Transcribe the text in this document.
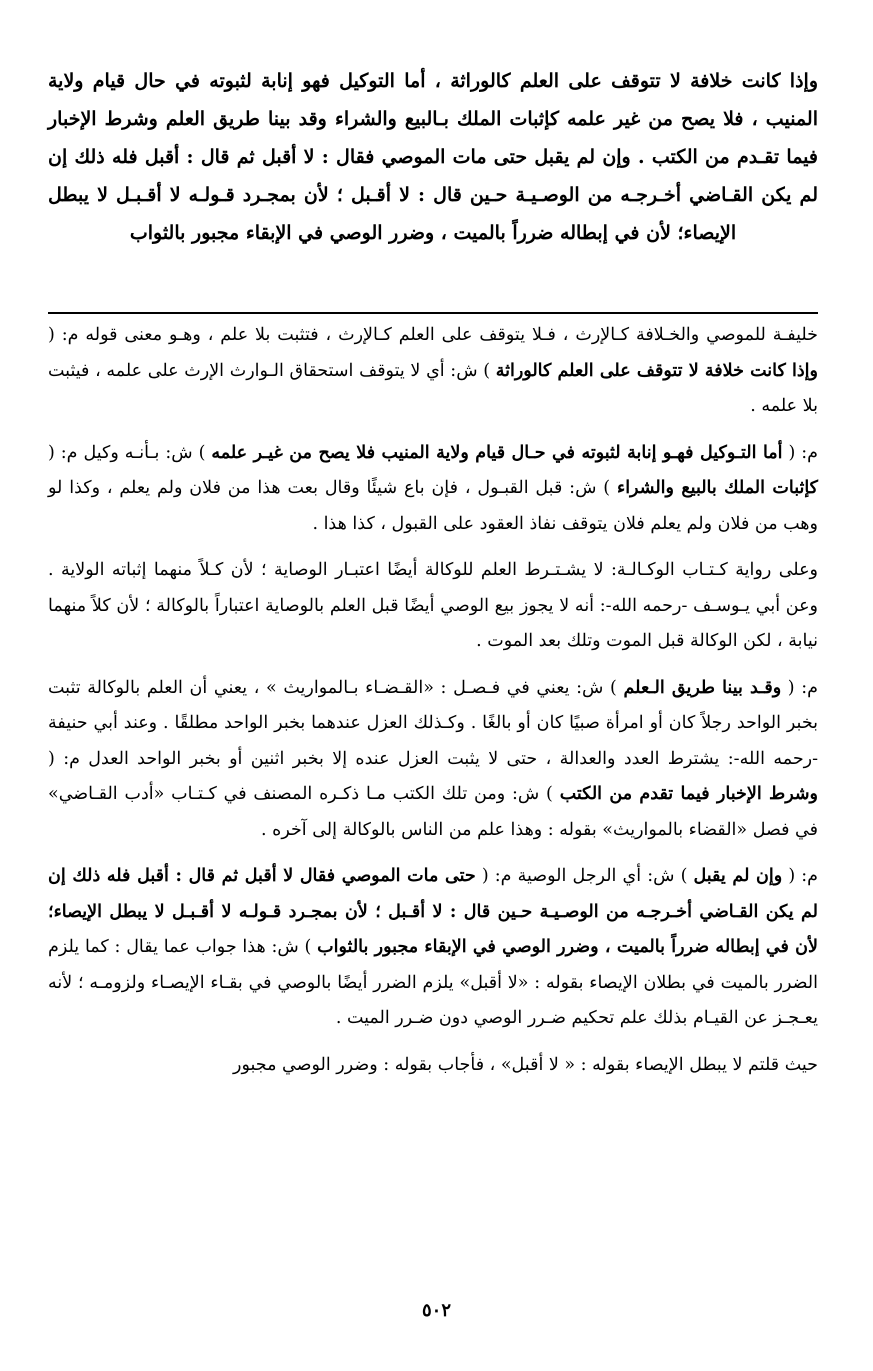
وإذا كانت خلافة لا تتوقف على العلم كالوراثة ، أما التوكيل فهو إنابة لثبوته في حال قيام ولاية المنيب ، فلا يصح من غير علمه كإثبات الملك بـالبيع والشراء وقد بينا طريق العلم وشرط الإخبار فيما تقـدم من الكتب . وإن لم يقبل حتى مات الموصي فقال : لا أقبل ثم قال : أقبل فله ذلك إن لم يكن القـاضي أخـرجـه من الوصـيـة حـين قال : لا أقـبل ؛ لأن بمجـرد قـولـه لا أقـبـل لا يبطل الإيصاء؛ لأن في إبطاله ضرراً بالميت ، وضرر الوصي في الإبقاء مجبور بالثواب

خليفـة للموصي والخـلافة كـالإرث ، فـلا يتوقف على العلم كـالإرث ، فتثبت بلا علم ، وهـو معنى قوله م: ( وإذا كانت خلافة لا تتوقف على العلم كالوراثة ) ش: أي لا يتوقف استحقاق الـوارث الإرث على علمه ، فيثبت بلا علمه .

م: ( أما التـوكيل فهـو إنابة لثبوته في حـال قيام ولاية المنيب فلا يصح من غيـر علمه ) ش: بـأنـه وكيل م: ( كإثبات الملك بالبيع والشراء ) ش: قبل القبـول ، فإن باع شيئًا وقال بعت هذا من فلان ولم يعلم ، وكذا لو وهب من فلان ولم يعلم فلان يتوقف نفاذ العقود على القبول ، كذا هذا .

وعلى رواية كـتـاب الوكـالـة: لا يشـتـرط العلم للوكالة أيضًا اعتبـار الوصاية ؛ لأن كـلاً منهما إثباته الولاية . وعن أبي يـوسـف -رحمه الله-: أنه لا يجوز بيع الوصي أيضًا قبل العلم بالوصاية اعتباراً بالوكالة ؛ لأن كلاً منهما نيابة ، لكن الوكالة قبل الموت وتلك بعد الموت .

م: ( وقـد بينا طريق الـعلم ) ش: يعني في فـصـل : «القـضـاء بـالمواريث » ، يعني أن العلم بالوكالة تثبت بخبر الواحد رجلاً كان أو امرأة صبيًا كان أو بالغًا . وكـذلك العزل عندهما بخبر الواحد مطلقًا . وعند أبي حنيفة -رحمه الله-: يشترط العدد والعدالة ، حتى لا يثبت العزل عنده إلا بخبر اثنين أو بخبر الواحد العدل م: ( وشرط الإخبار فيما تقدم من الكتب ) ش: ومن تلك الكتب مـا ذكـره المصنف في كـتـاب «أدب القـاضي» في فصل «القضاء بالمواريث» بقوله : وهذا علم من الناس بالوكالة إلى آخره .

م: ( وإن لم يقبل ) ش: أي الرجل الوصية م: ( حتى مات الموصي فقال لا أقبل ثم قال : أقبل فله ذلك إن لم يكن القـاضي أخـرجـه من الوصـيـة حـين قال : لا أقـبل ؛ لأن بمجـرد قـولـه لا أقـبـل لا يبطل الإيصاء؛ لأن في إبطاله ضرراً بالميت ، وضرر الوصي في الإبقاء مجبور بالثواب ) ش: هذا جواب عما يقال : كما يلزم الضرر بالميت في بطلان الإيصاء بقوله : «لا أقبل» يلزم الضرر أيضًا بالوصي في بقـاء الإيصـاء ولزومـه ؛ لأنه يعـجـز عن القيـام بذلك علم تحكيم ضـرر الوصي دون ضـرر الميت .

حيث قلتم لا يبطل الإيصاء بقوله : « لا أقبل» ، فأجاب بقوله : وضرر الوصي مجبور

٥٠٢
